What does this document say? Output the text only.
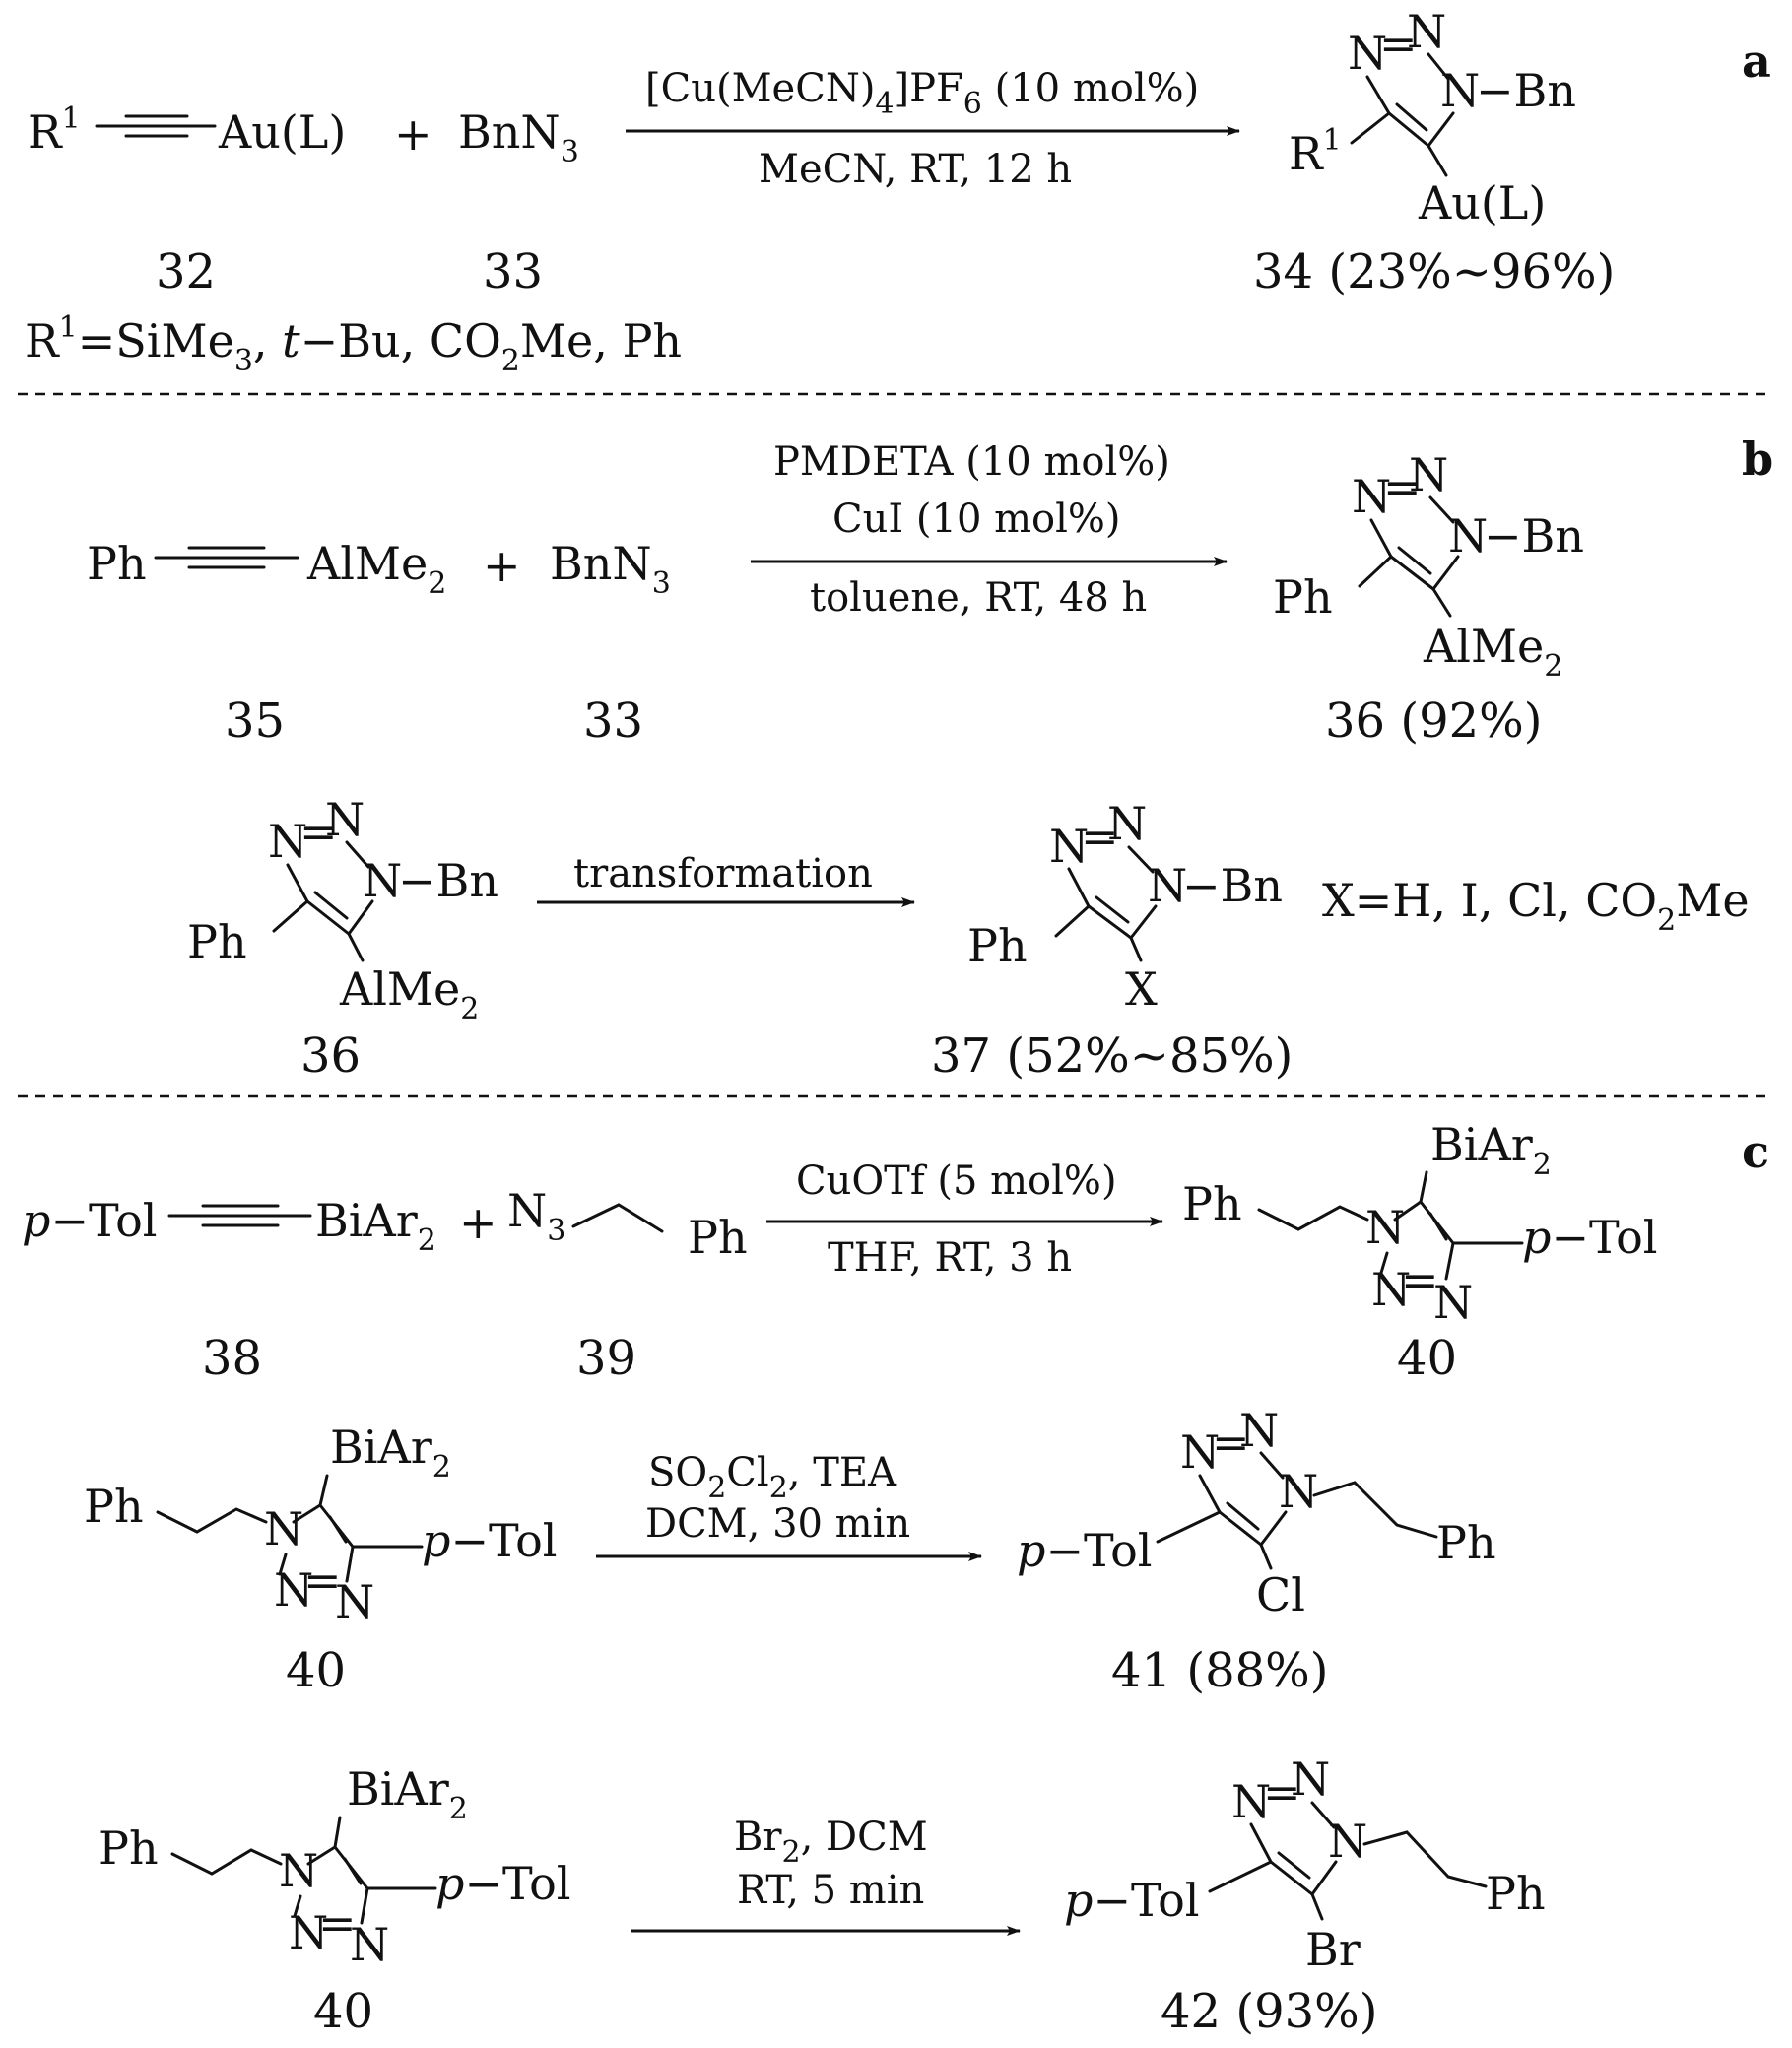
a
$R^1$	Au(L)
32
+ BnN$_3$
33
$[Cu(MeCN)_4]PF_6$ (10 mol%)
MeCN, RT, 12 h
N
=
N
N
−Bn
$R^1$
Au(L)
34 (23%~96%)
$R^1=SiMe_3$, t−Bu, $CO_2Me$, Ph
b
Ph	AlMe$_2$
35
+ BnN$_3$
33
PMDETA (10 mol%)
CuI (10 mol%)
toluene, RT, 48 h
N
=
N
N
−Bn
Ph
AlMe$_2$
36 (92%)
N
=
N
N
−Bn
Ph
AlMe$_2$
36
transformation
N
=
N
N
−Bn
Ph
X
37 (52%~85%)
X=H, I, Cl, $CO_2Me$
c
p−Tol	BiAr$_2$
38
+ $N_3$	Ph
39
CuOTf (5 mol%)
THF, RT, 3 h
Ph	N
N
=
N
BiAr$_2$
p−Tol
40
Ph	N
N
=
N
BiAr$_2$
p−Tol
40
$SO_2Cl_2$, TEA
DCM, 30 min
N
=
N
N
Ph
p−Tol
Cl
41 (88%)
Ph	N
N
=
N
BiAr$_2$
p−Tol
40
$Br_2$, DCM
RT, 5 min
N
=
N
N
Ph
p−Tol
Br
42 (93%)
